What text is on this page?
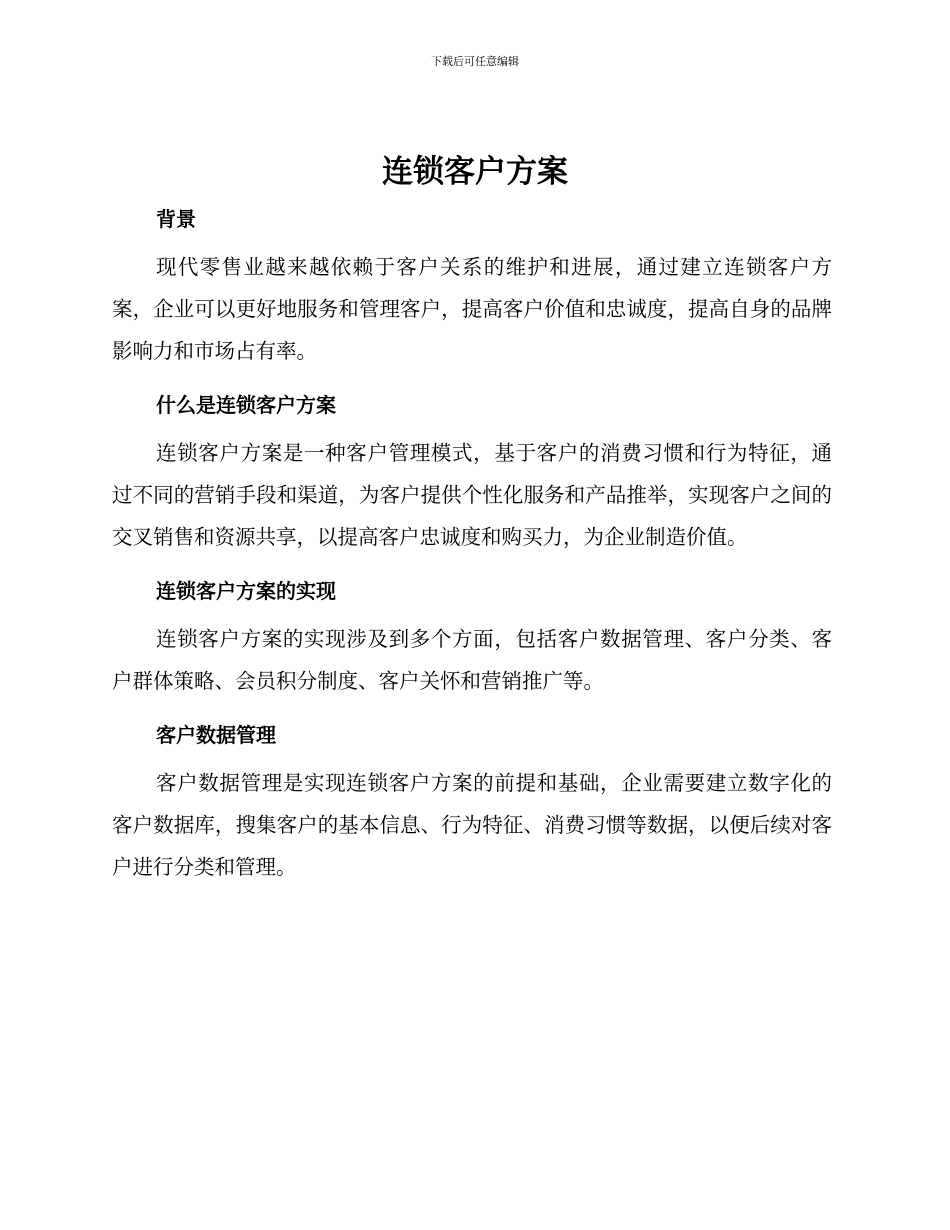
下载后可任意编辑
连锁客户方案
背景

现代零售业越来越依赖于客户关系的维护和进展，通过建立连锁客户方案，企业可以更好地服务和管理客户，提高客户价值和忠诚度，提高自身的品牌影响力和市场占有率。

什么是连锁客户方案

连锁客户方案是一种客户管理模式，基于客户的消费习惯和行为特征，通过不同的营销手段和渠道，为客户提供个性化服务和产品推举，实现客户之间的交叉销售和资源共享，以提高客户忠诚度和购买力，为企业制造价值。

连锁客户方案的实现

连锁客户方案的实现涉及到多个方面，包括客户数据管理、客户分类、客户群体策略、会员积分制度、客户关怀和营销推广等。

客户数据管理

客户数据管理是实现连锁客户方案的前提和基础，企业需要建立数字化的客户数据库，搜集客户的基本信息、行为特征、消费习惯等数据，以便后续对客户进行分类和管理。
